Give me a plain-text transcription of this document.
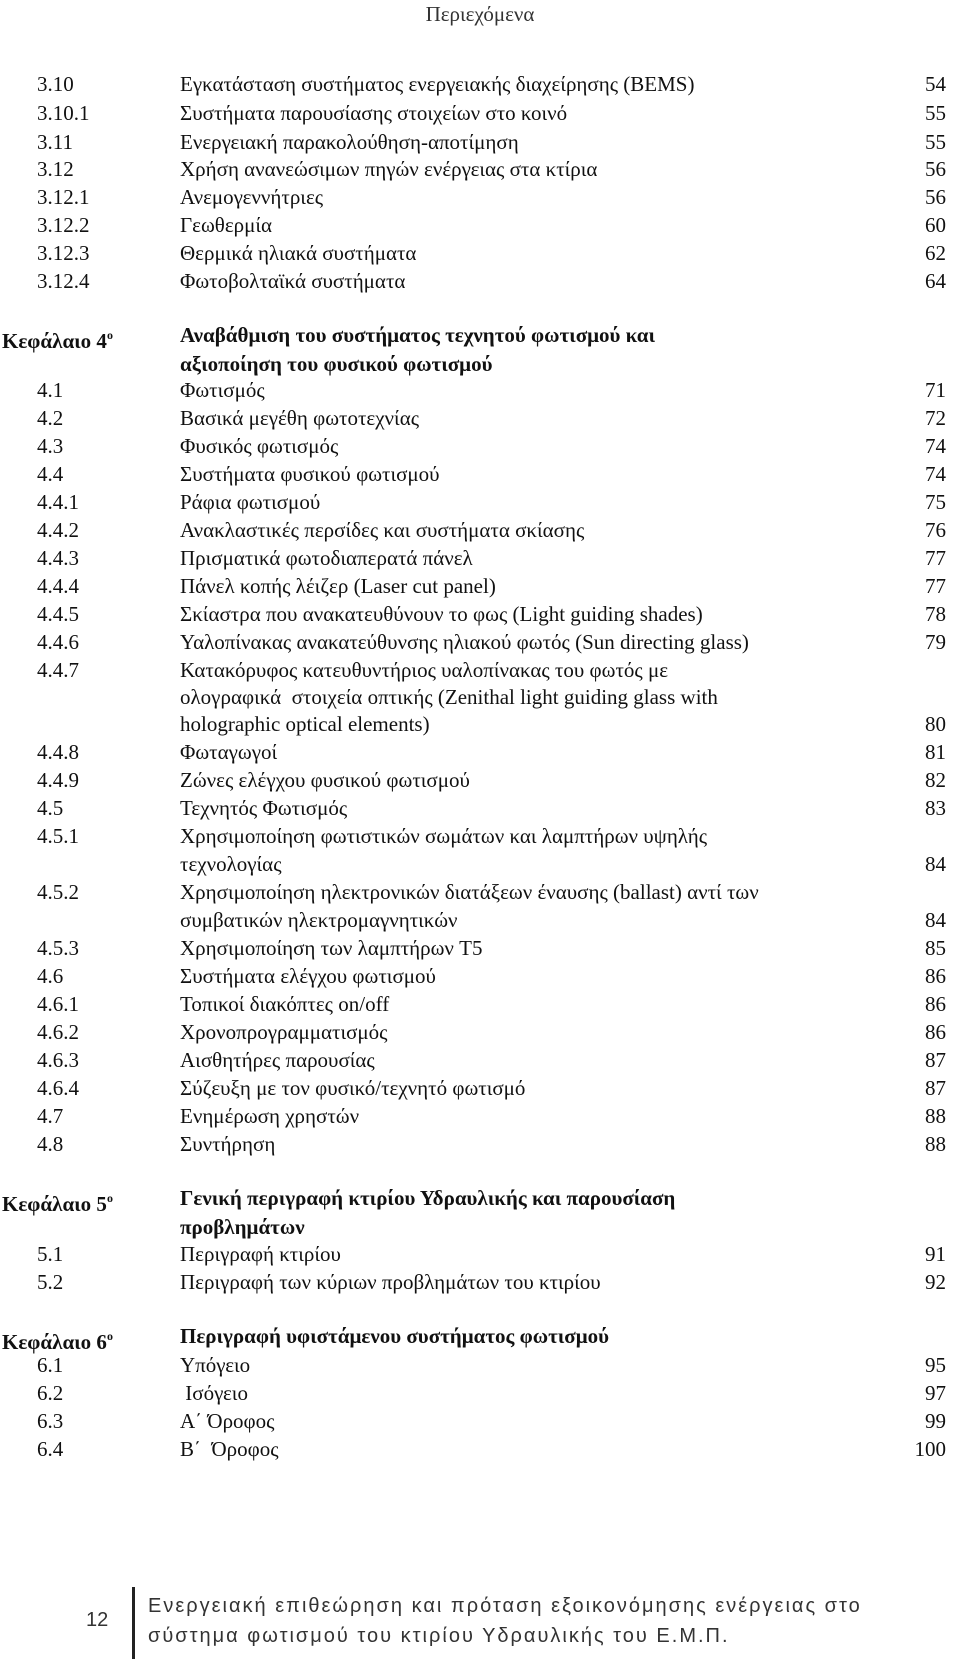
Περιεχόμενα
3.10	Εγκατάσταση συστήματος ενεργειακής διαχείρησης (BEMS)	54
3.10.1	Συστήματα παρουσίασης στοιχείων στο κοινό	55
3.11	Ενεργειακή παρακολούθηση-αποτίμηση	55
3.12	Χρήση ανανεώσιμων πηγών ενέργειας στα κτίρια	56
3.12.1	Ανεμογεννήτριες	56
3.12.2	Γεωθερμία	60
3.12.3	Θερμικά ηλιακά συστήματα	62
3.12.4	Φωτοβολταϊκά συστήματα	64
Κεφάλαιο $4^o$	Αναβάθμιση του συστήματος τεχνητού φωτισμού και
αξιοποίηση του φυσικού φωτισμού
4.1	Φωτισμός	71
4.2	Βασικά μεγέθη φωτοτεχνίας	72
4.3	Φυσικός φωτισμός	74
4.4	Συστήματα φυσικού φωτισμού	74
4.4.1	Ράφια φωτισμού	75
4.4.2	Ανακλαστικές περσίδες και συστήματα σκίασης	76
4.4.3	Πρισματικά φωτοδιαπερατά πάνελ	77
4.4.4	Πάνελ κοπής λέιζερ (Laser cut panel)	77
4.4.5	Σκίαστρα που ανακατευθύνουν το φως (Light guiding shades)	78
4.4.6	Υαλοπίνακας ανακατεύθυνσης ηλιακού φωτός (Sun directing glass)	79
4.4.7	Κατακόρυφος κατευθυντήριος υαλοπίνακας του φωτός με
ολογραφικά  στοιχεία οπτικής (Zenithal light guiding glass with
holographic optical elements)	80
4.4.8	Φωταγωγοί	81
4.4.9	Ζώνες ελέγχου φυσικού φωτισμού	82
4.5	Τεχνητός Φωτισμός	83
4.5.1	Χρησιμοποίηση φωτιστικών σωμάτων και λαμπτήρων υψηλής
τεχνολογίας	84
4.5.2	Χρησιμοποίηση ηλεκτρονικών διατάξεων έναυσης (ballast) αντί των
συμβατικών ηλεκτρομαγνητικών	84
4.5.3	Χρησιμοποίηση των λαμπτήρων T5	85
4.6	Συστήματα ελέγχου φωτισμού	86
4.6.1	Τοπικοί διακόπτες on/off	86
4.6.2	Χρονοπρογραμματισμός	86
4.6.3	Αισθητήρες παρουσίας	87
4.6.4	Σύζευξη με τον φυσικό/τεχνητό φωτισμό	87
4.7	Ενημέρωση χρηστών	88
4.8	Συντήρηση	88
Κεφάλαιο $5^o$	Γενική περιγραφή κτιρίου Υδραυλικής και παρουσίαση
προβλημάτων
5.1	Περιγραφή κτιρίου	91
5.2	Περιγραφή των κύριων προβλημάτων του κτιρίου	92
Κεφάλαιο $6^o$	Περιγραφή υφιστάμενου συστήματος φωτισμού
6.1	Υπόγειο	95
6.2	Ισόγειο	97
6.3	Α΄ Όροφος	99
6.4	Β΄  Όροφος	100
12
Ενεργειακή επιθεώρηση και πρόταση εξοικονόμησης ενέργειας στο
σύστημα φωτισμού του κτιρίου Υδραυλικής του Ε.Μ.Π.
